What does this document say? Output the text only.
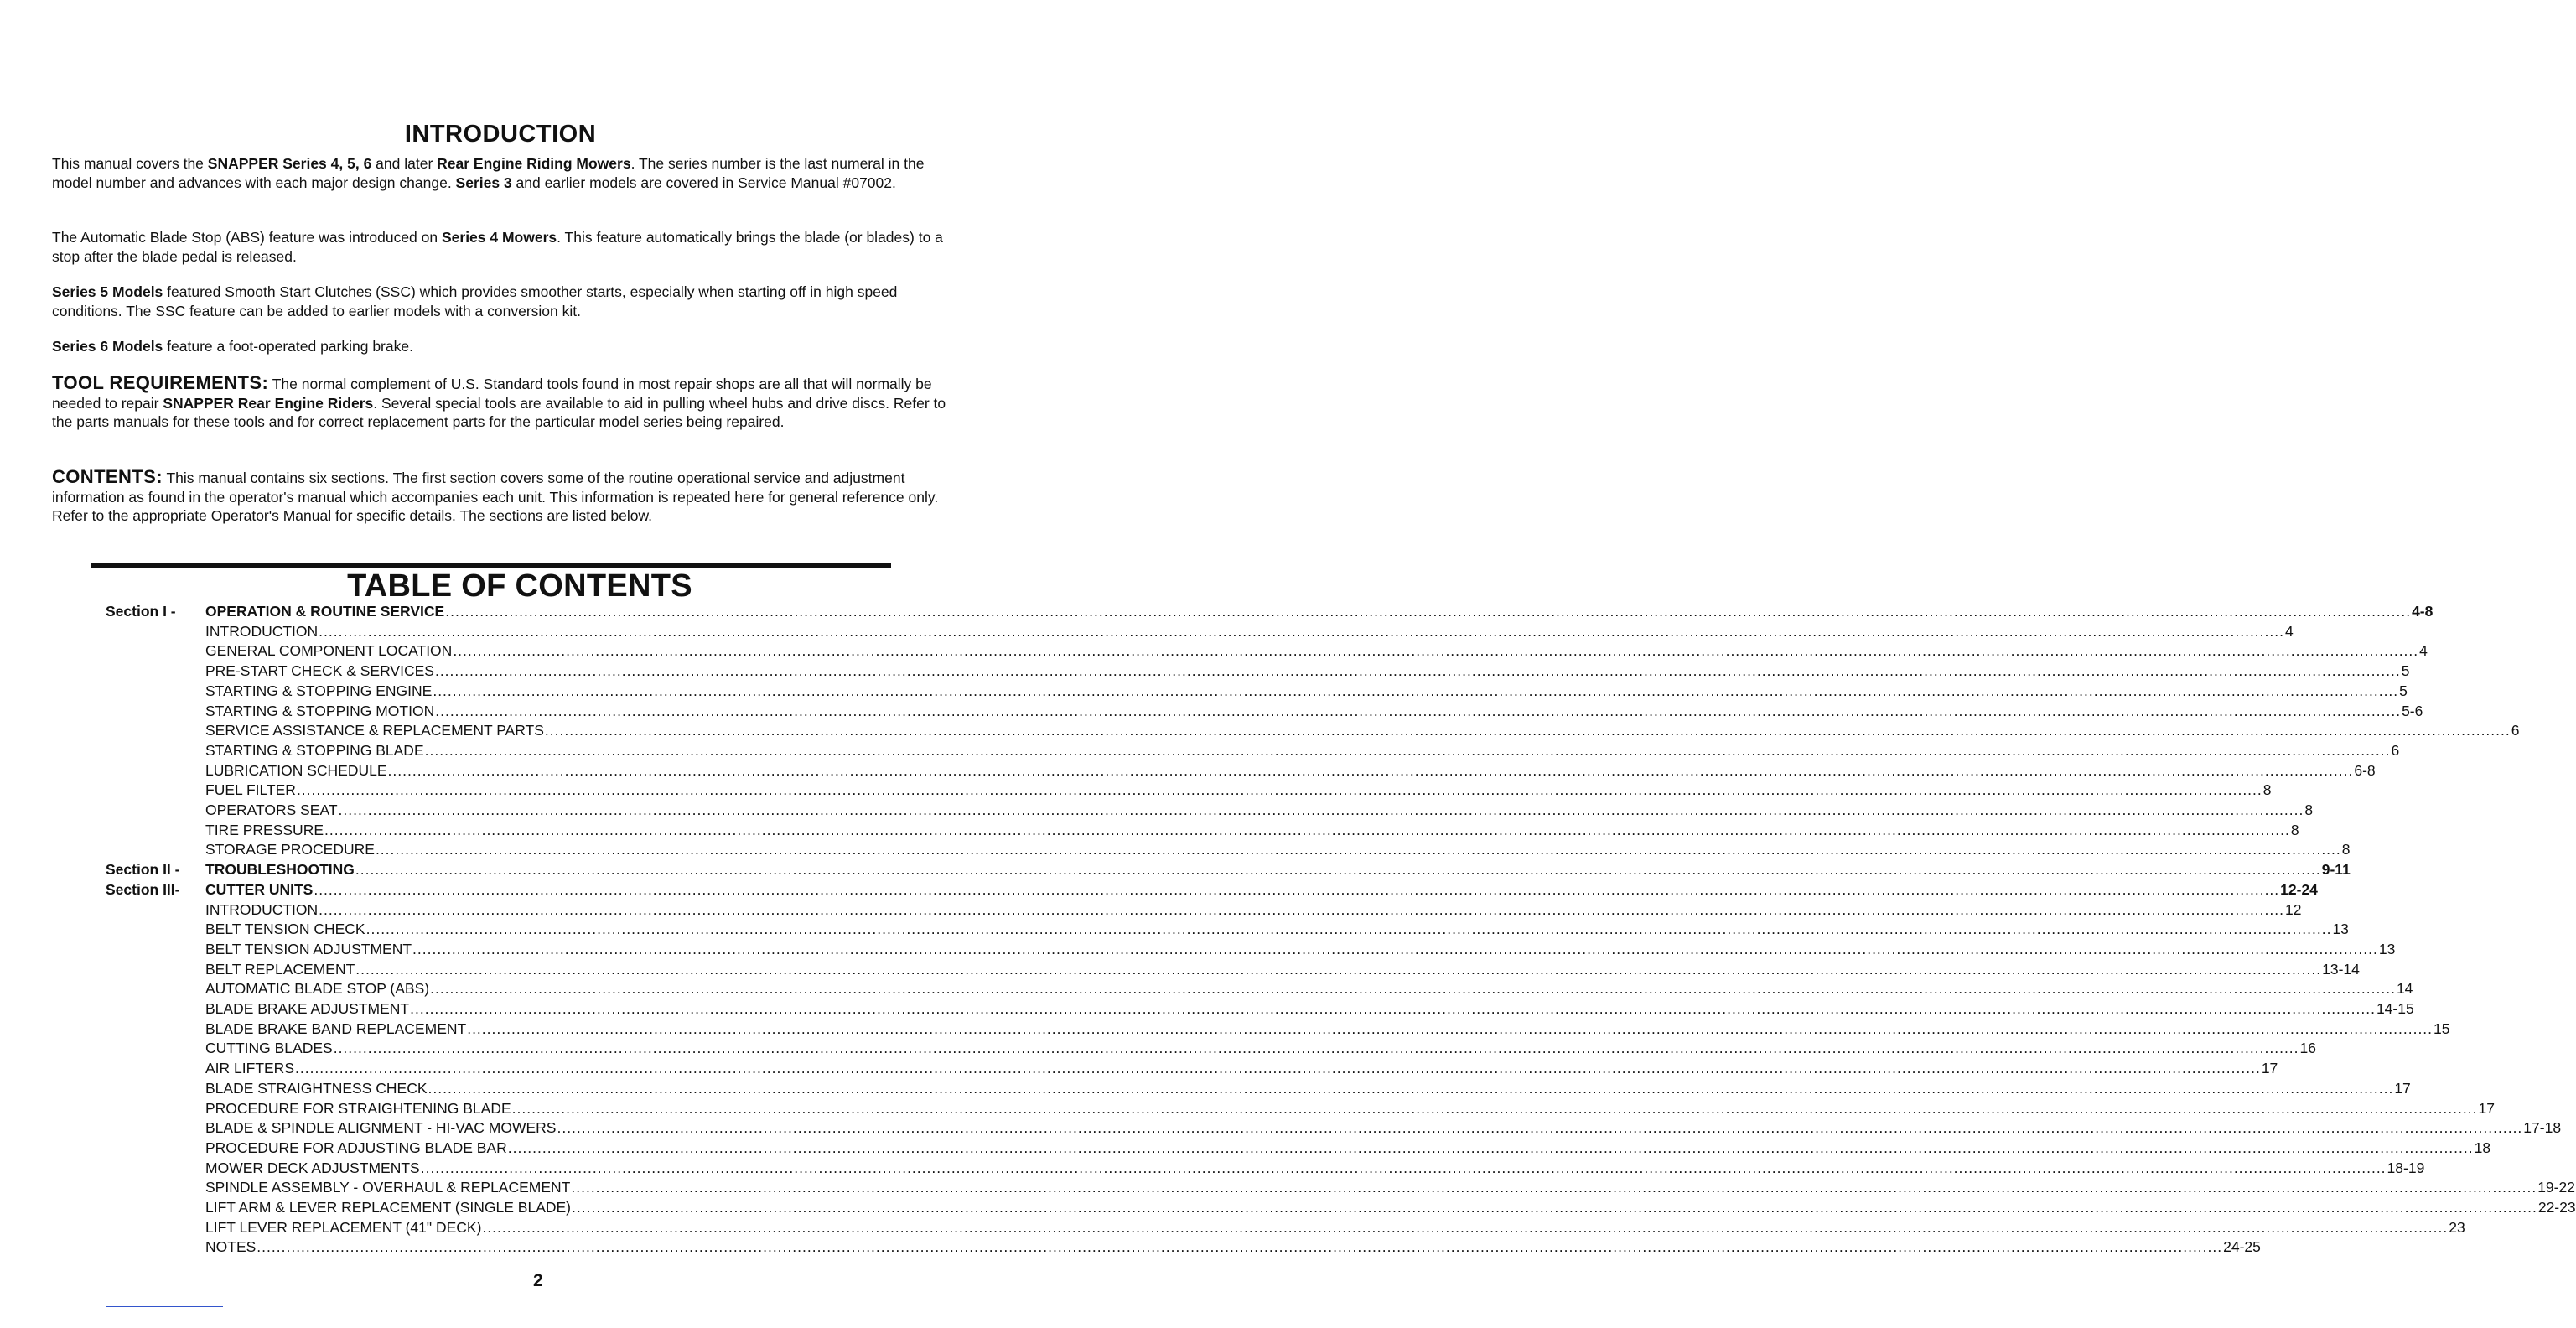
INTRODUCTION

This manual covers the SNAPPER Series 4, 5, 6 and later Rear Engine Riding Mowers. The series number is the last numeral in the model number and advances with each major design change. Series 3 and earlier models are covered in Service Manual #07002.

The Automatic Blade Stop (ABS) feature was introduced on Series 4 Mowers. This feature automatically brings the blade (or blades) to a stop after the blade pedal is released.

Series 5 Models featured Smooth Start Clutches (SSC) which provides smoother starts, especially when starting off in high speed conditions. The SSC feature can be added to earlier models with a conversion kit.

Series 6 Models feature a foot-operated parking brake.

TOOL REQUIREMENTS: The normal complement of U.S. Standard tools found in most repair shops are all that will normally be needed to repair SNAPPER Rear Engine Riders. Several special tools are available to aid in pulling wheel hubs and drive discs. Refer to the parts manuals for these tools and for correct replacement parts for the particular model series being repaired.

CONTENTS: This manual contains six sections. The first section covers some of the routine operational service and adjustment information as found in the operator's manual which accompanies each unit. This information is repeated here for general reference only. Refer to the appropriate Operator's Manual for specific details. The sections are listed below.

TABLE OF CONTENTS
Section I - OPERATION & ROUTINE SERVICE ................................................................................................................................................................................................................................................................................................................................................................................................................ 4-8
INTRODUCTION ................................................................................................................................................................................................................................................................................................................................................................................................................ 4
GENERAL COMPONENT LOCATION ................................................................................................................................................................................................................................................................................................................................................................................................................ 4
PRE-START CHECK & SERVICES ................................................................................................................................................................................................................................................................................................................................................................................................................ 5
STARTING & STOPPING ENGINE ................................................................................................................................................................................................................................................................................................................................................................................................................ 5
STARTING & STOPPING MOTION ................................................................................................................................................................................................................................................................................................................................................................................................................ 5-6
SERVICE ASSISTANCE & REPLACEMENT PARTS ................................................................................................................................................................................................................................................................................................................................................................................................................ 6
STARTING & STOPPING BLADE ................................................................................................................................................................................................................................................................................................................................................................................................................ 6
LUBRICATION SCHEDULE ................................................................................................................................................................................................................................................................................................................................................................................................................ 6-8
FUEL FILTER ................................................................................................................................................................................................................................................................................................................................................................................................................ 8
OPERATORS SEAT ................................................................................................................................................................................................................................................................................................................................................................................................................ 8
TIRE PRESSURE ................................................................................................................................................................................................................................................................................................................................................................................................................ 8
STORAGE PROCEDURE ................................................................................................................................................................................................................................................................................................................................................................................................................ 8
Section II - TROUBLESHOOTING ................................................................................................................................................................................................................................................................................................................................................................................................................ 9-11
Section III- CUTTER UNITS ................................................................................................................................................................................................................................................................................................................................................................................................................ 12-24
INTRODUCTION ................................................................................................................................................................................................................................................................................................................................................................................................................ 12
BELT TENSION CHECK ................................................................................................................................................................................................................................................................................................................................................................................................................ 13
BELT TENSION ADJUSTMENT ................................................................................................................................................................................................................................................................................................................................................................................................................ 13
BELT REPLACEMENT ................................................................................................................................................................................................................................................................................................................................................................................................................ 13-14
AUTOMATIC BLADE STOP (ABS) ................................................................................................................................................................................................................................................................................................................................................................................................................ 14
BLADE BRAKE ADJUSTMENT ................................................................................................................................................................................................................................................................................................................................................................................................................ 14-15
BLADE BRAKE BAND REPLACEMENT ................................................................................................................................................................................................................................................................................................................................................................................................................ 15
CUTTING BLADES ................................................................................................................................................................................................................................................................................................................................................................................................................ 16
AIR LIFTERS ................................................................................................................................................................................................................................................................................................................................................................................................................ 17
BLADE STRAIGHTNESS CHECK ................................................................................................................................................................................................................................................................................................................................................................................................................ 17
PROCEDURE FOR STRAIGHTENING BLADE ................................................................................................................................................................................................................................................................................................................................................................................................................ 17
BLADE & SPINDLE ALIGNMENT - HI-VAC MOWERS ................................................................................................................................................................................................................................................................................................................................................................................................................ 17-18
PROCEDURE FOR ADJUSTING BLADE BAR ................................................................................................................................................................................................................................................................................................................................................................................................................ 18
MOWER DECK ADJUSTMENTS ................................................................................................................................................................................................................................................................................................................................................................................................................ 18-19
SPINDLE ASSEMBLY - OVERHAUL & REPLACEMENT ................................................................................................................................................................................................................................................................................................................................................................................................................ 19-22
LIFT ARM & LEVER REPLACEMENT (SINGLE BLADE) ................................................................................................................................................................................................................................................................................................................................................................................................................ 22-23
LIFT LEVER REPLACEMENT (41" DECK) ................................................................................................................................................................................................................................................................................................................................................................................................................ 23
NOTES ................................................................................................................................................................................................................................................................................................................................................................................................................ 24-25
2
